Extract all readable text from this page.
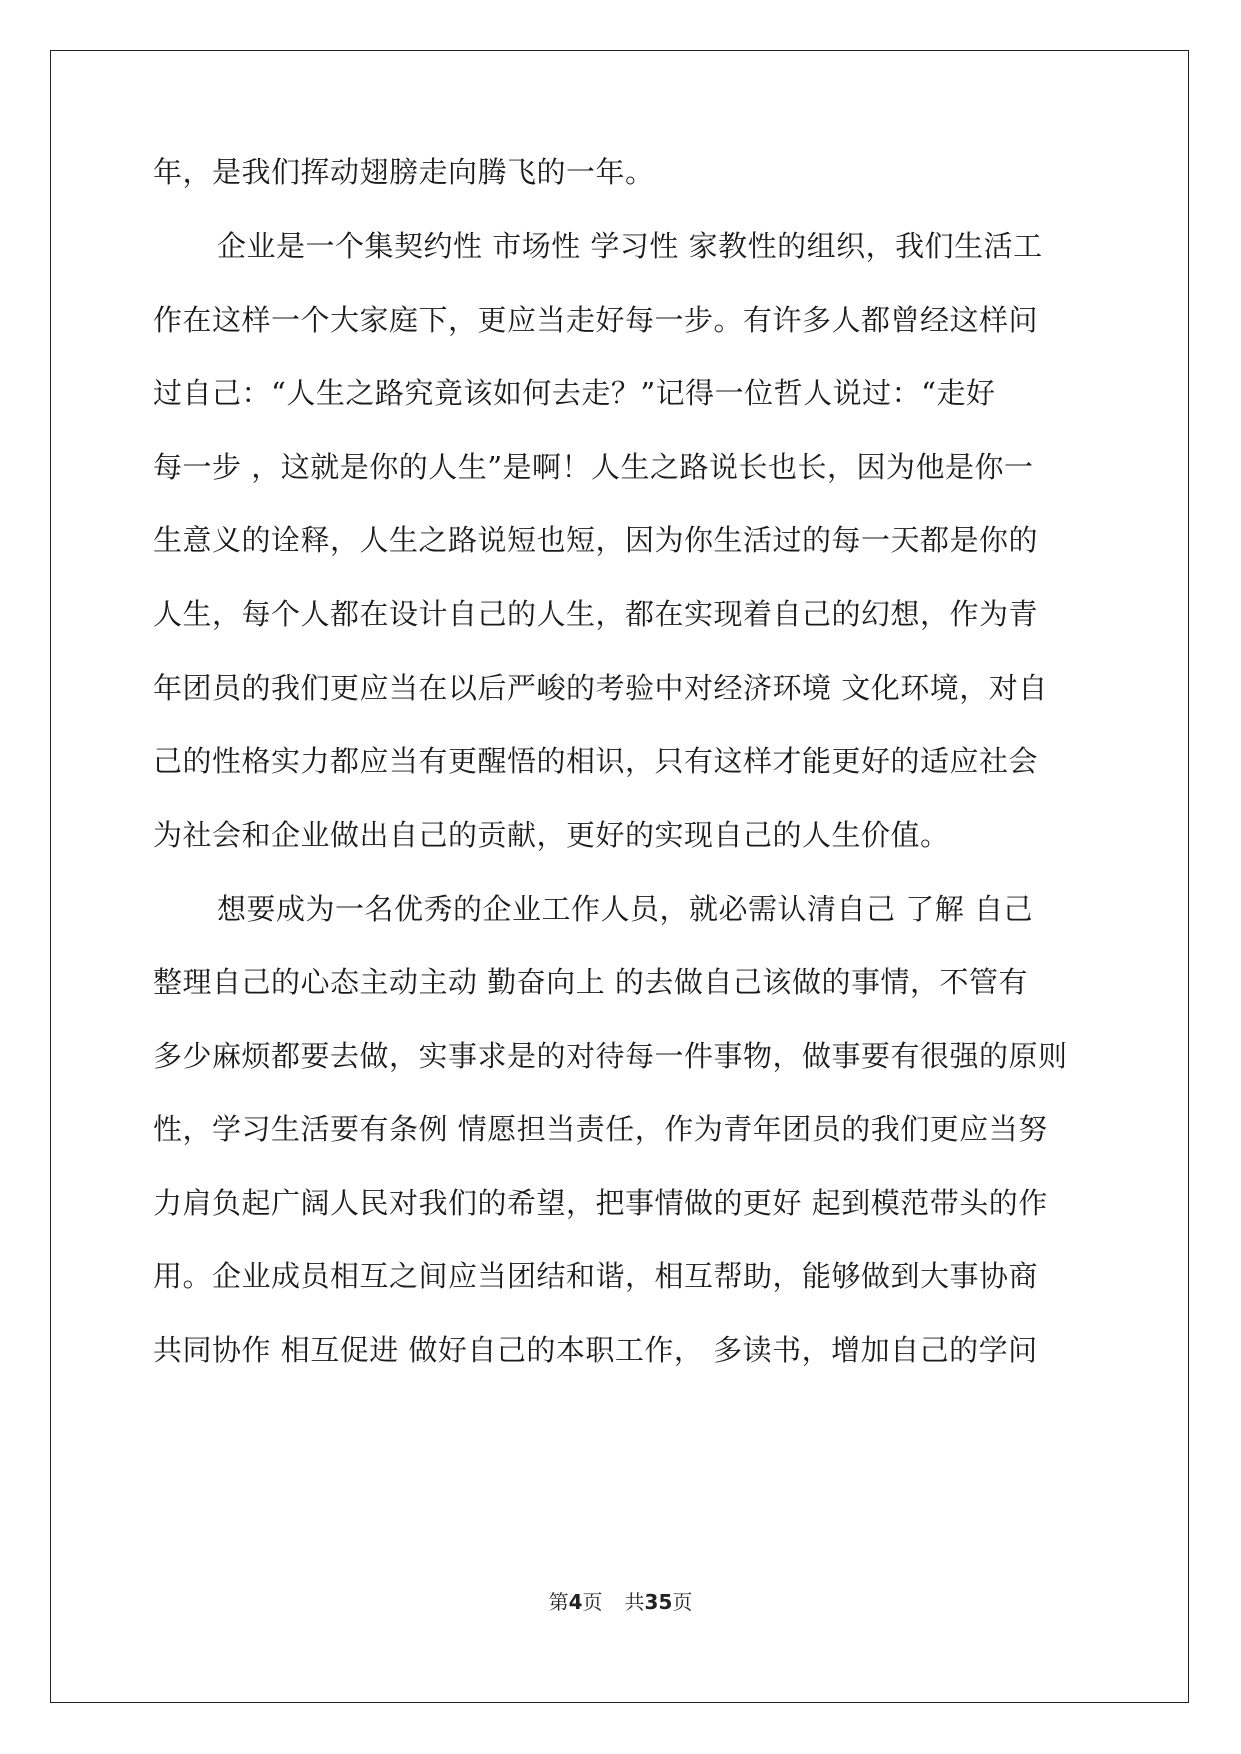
年，是我们挥动翅膀走向腾飞的一年。
企业是一个集契约性 市场性 学习性 家教性的组织，我们生活工
作在这样一个大家庭下，更应当走好每一步。有许多人都曾经这样问
过自己：“人生之路究竟该如何去走？”记得一位哲人说过：“走好
每一步 ，这就是你的人生”是啊！人生之路说长也长，因为他是你一
生意义的诠释，人生之路说短也短，因为你生活过的每一天都是你的
人生，每个人都在设计自己的人生，都在实现着自己的幻想，作为青
年团员的我们更应当在以后严峻的考验中对经济环境 文化环境，对自
己的性格实力都应当有更醒悟的相识，只有这样才能更好的适应社会
为社会和企业做出自己的贡献，更好的实现自己的人生价值。
想要成为一名优秀的企业工作人员，就必需认清自己 了解 自己
整理自己的心态主动主动 勤奋向上 的去做自己该做的事情，不管有
多少麻烦都要去做，实事求是的对待每一件事物，做事要有很强的原则
性，学习生活要有条例 情愿担当责任，作为青年团员的我们更应当努
力肩负起广阔人民对我们的希望，把事情做的更好 起到模范带头的作
用。企业成员相互之间应当团结和谐，相互帮助，能够做到大事协商
共同协作 相互促进 做好自己的本职工作， 多读书，增加自己的学问
第4页 共35页
